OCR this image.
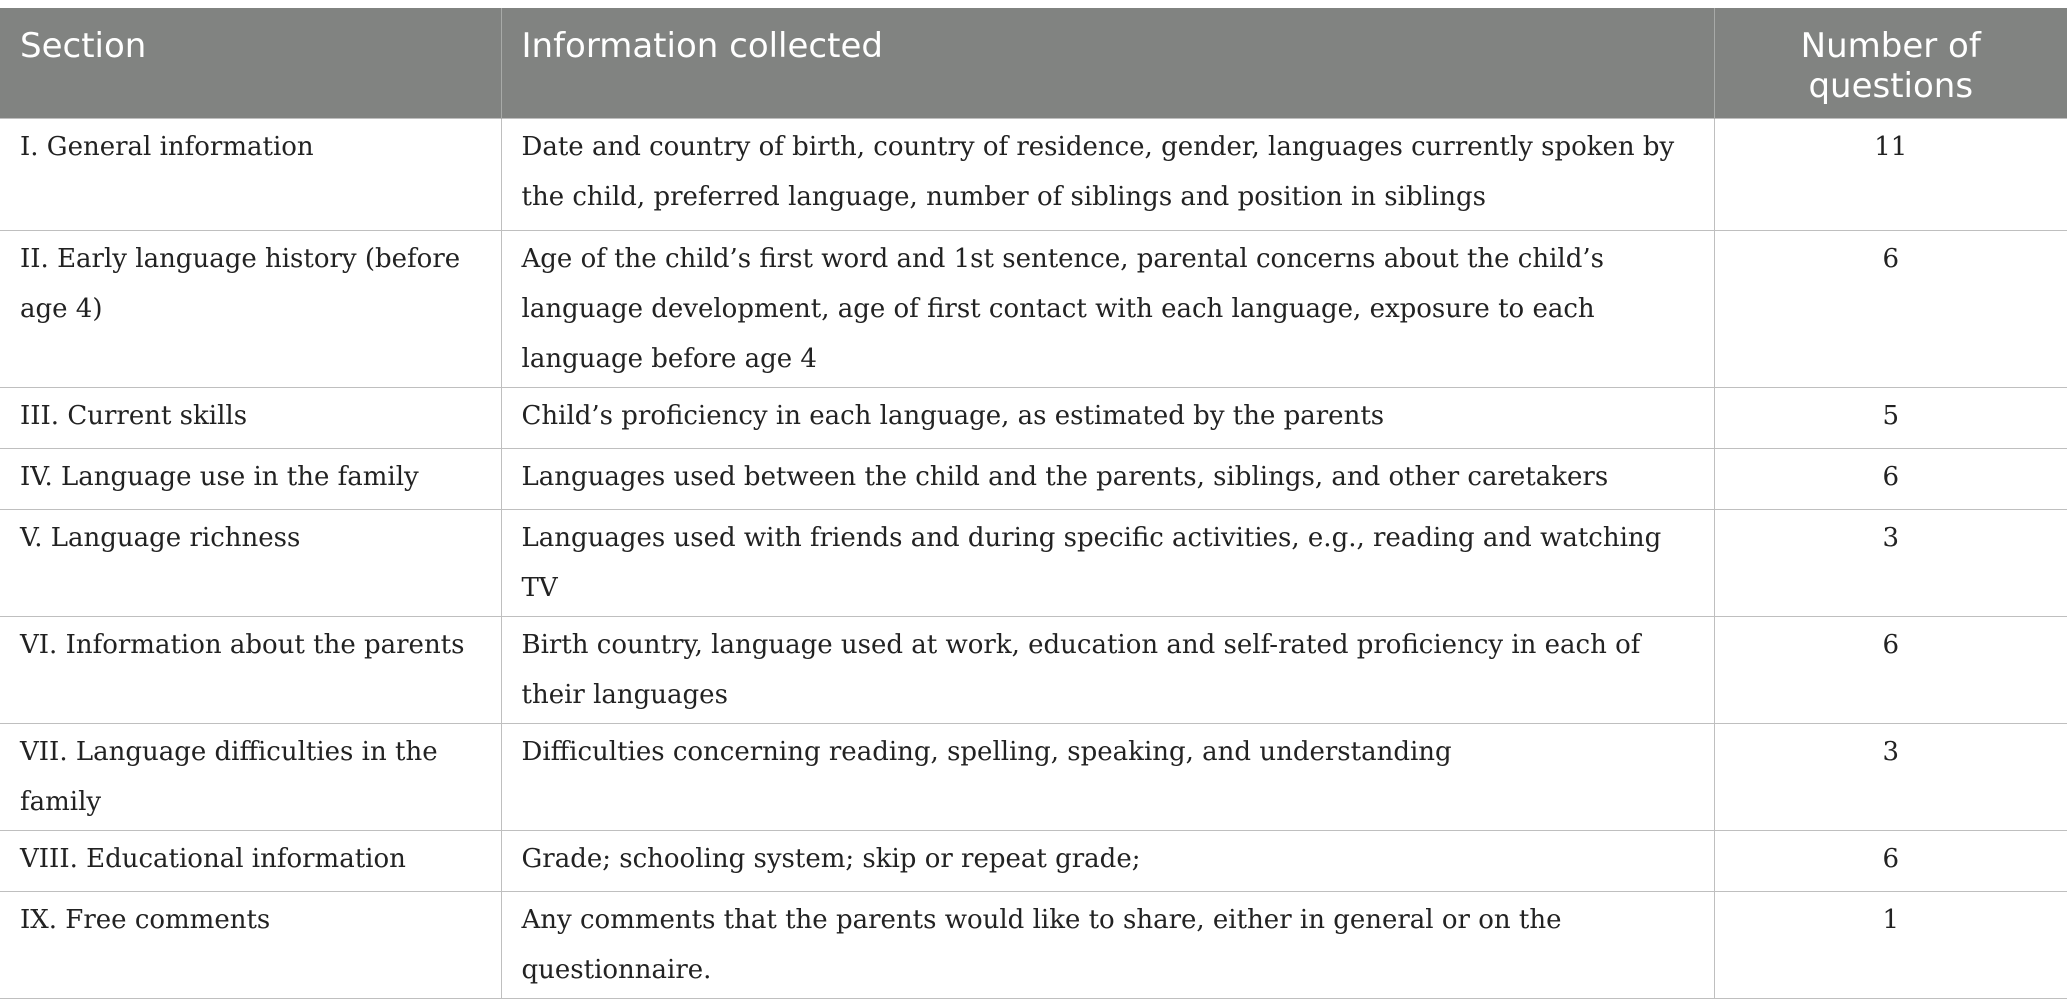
Section	Information collected	Number of questions
I. General information	Date and country of birth, country of residence, gender, languages currently spoken by the child, preferred language, number of siblings and position in siblings	11
II. Early language history (before age 4)	Age of the child’s first word and 1st sentence, parental concerns about the child’s language development, age of first contact with each language, exposure to each language before age 4	6
III. Current skills	Child’s proficiency in each language, as estimated by the parents	5
IV. Language use in the family	Languages used between the child and the parents, siblings, and other caretakers	6
V. Language richness	Languages used with friends and during specific activities, e.g., reading and watching TV	3
VI. Information about the parents	Birth country, language used at work, education and self-rated proficiency in each of their languages	6
VII. Language difficulties in the family	Difficulties concerning reading, spelling, speaking, and understanding	3
VIII. Educational information	Grade; schooling system; skip or repeat grade;	6
IX. Free comments	Any comments that the parents would like to share, either in general or on the questionnaire.	1
